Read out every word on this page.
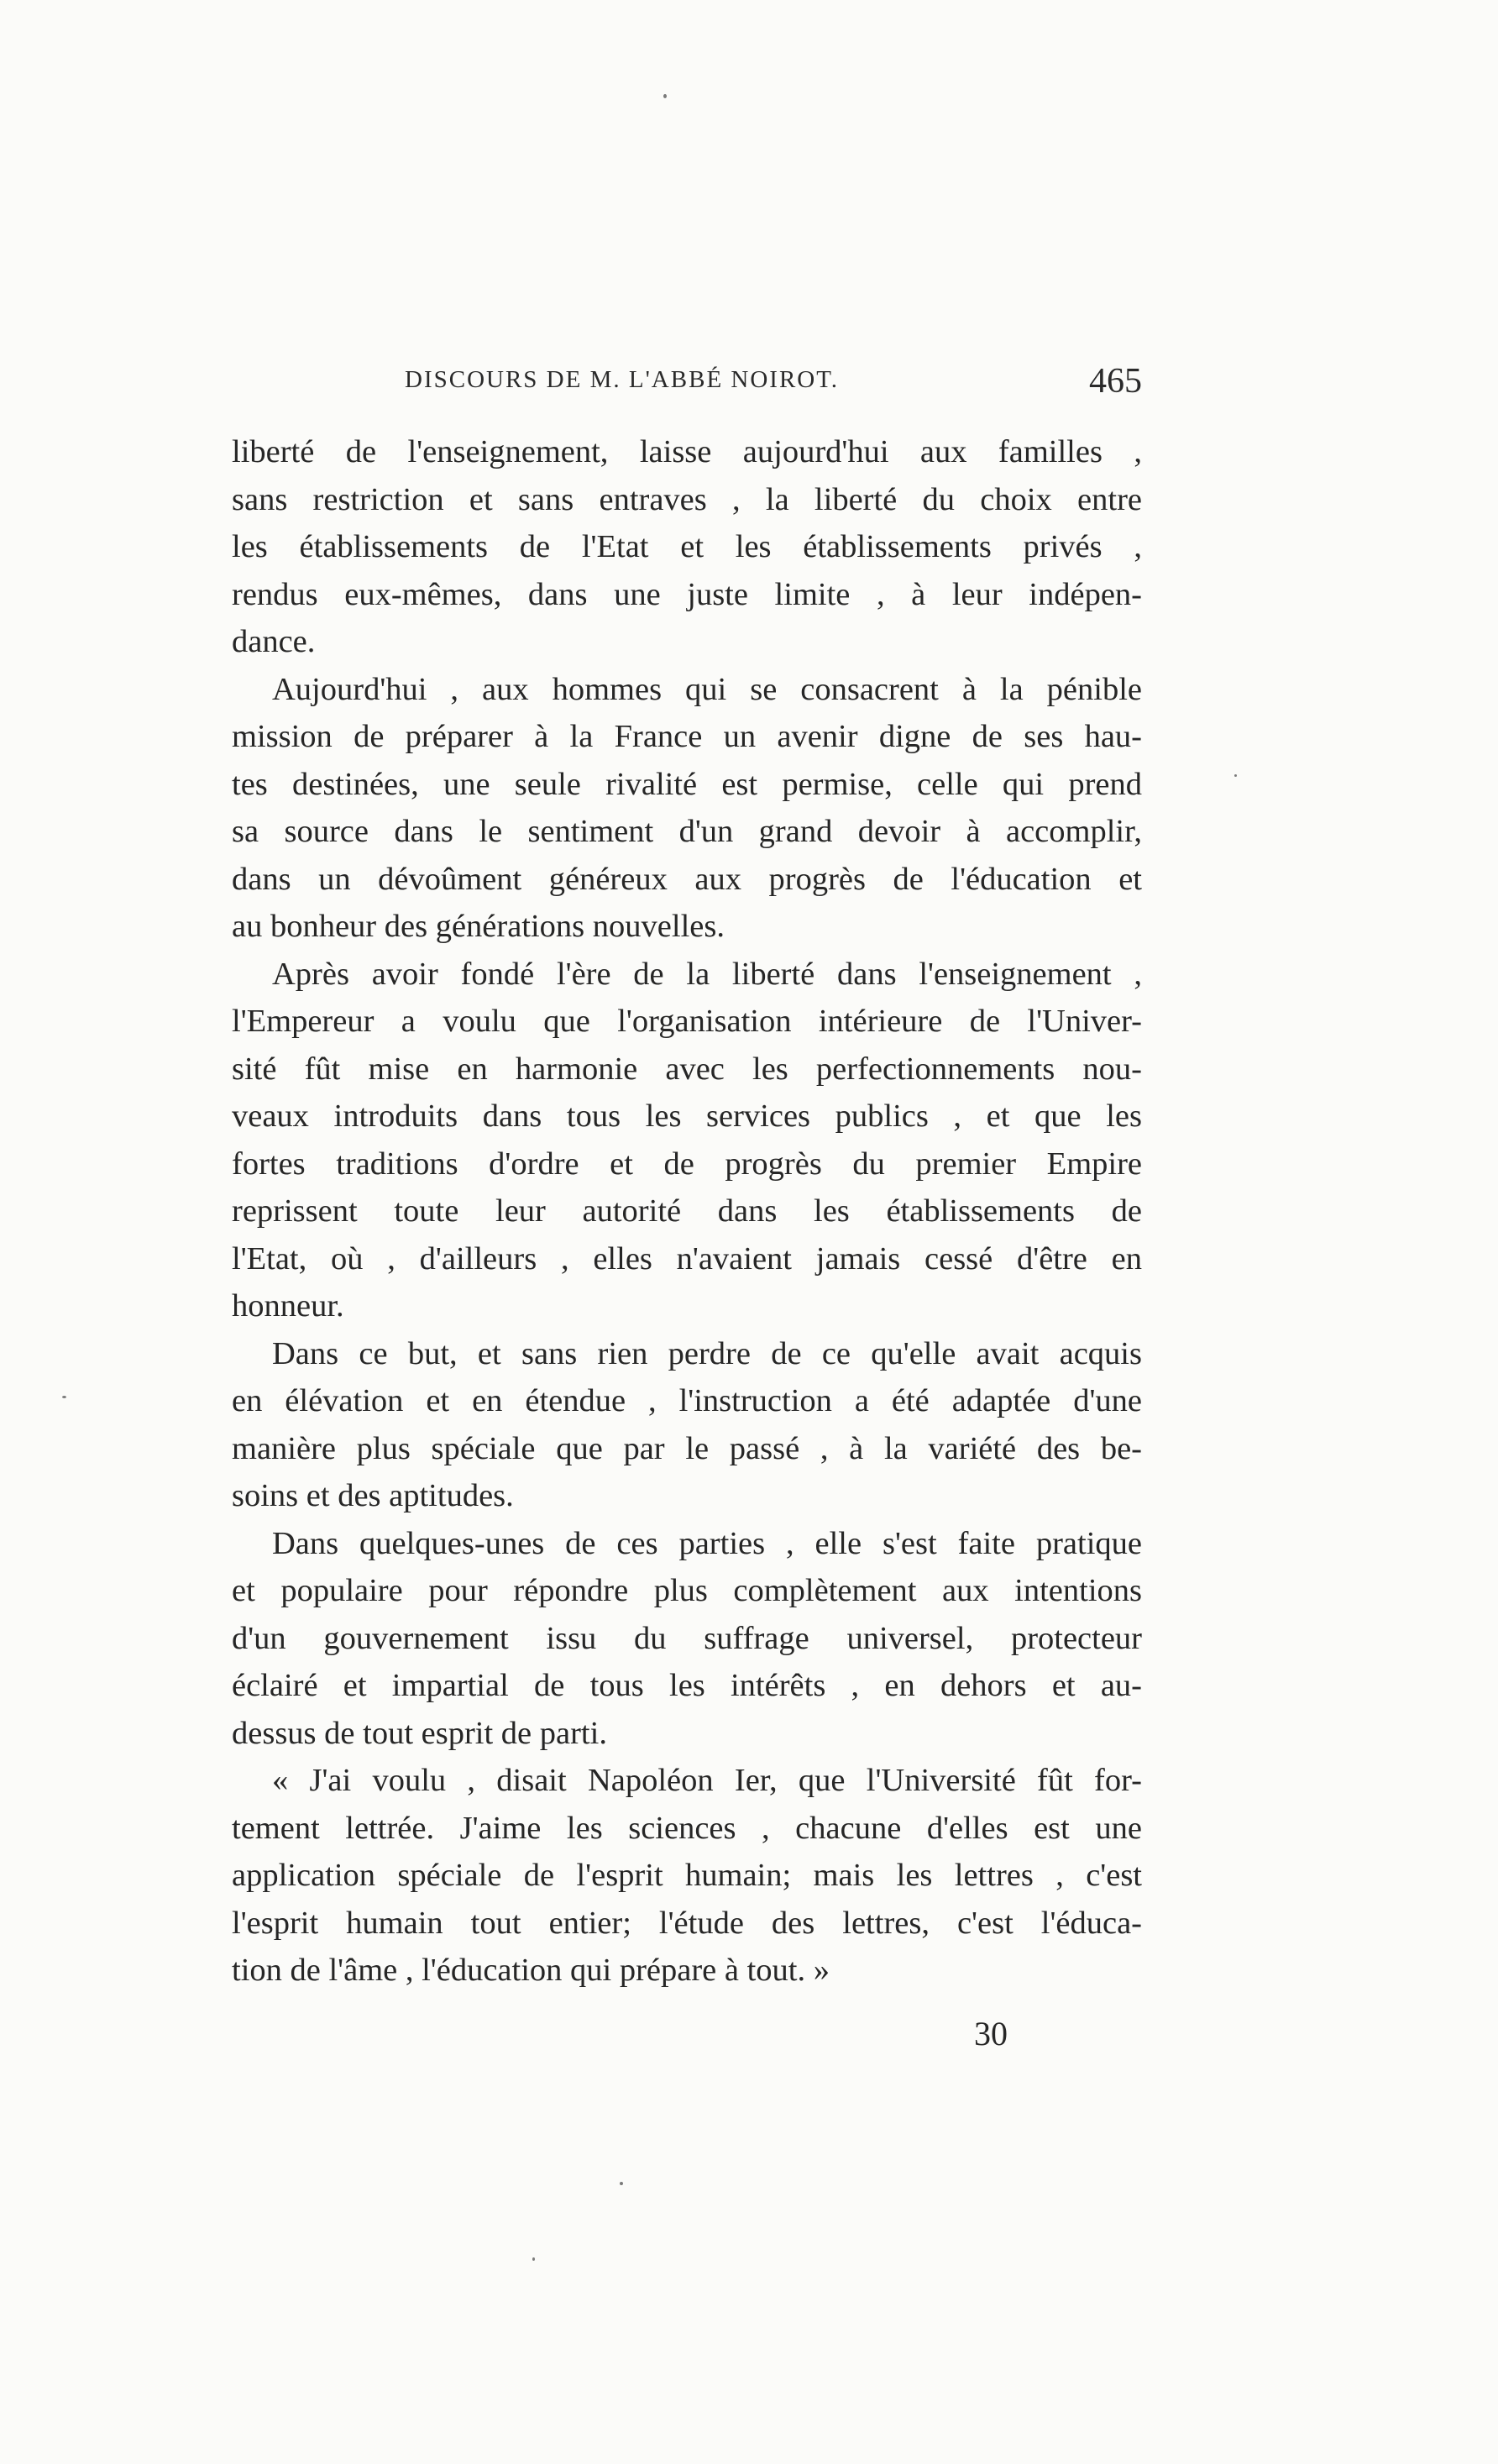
DISCOURS DE M. L'ABBÉ NOIROT.	465
liberté de l'enseignement, laisse aujourd'hui aux familles ,
sans restriction et sans entraves , la liberté du choix entre
les établissements de l'Etat et les établissements privés ,
rendus eux-mêmes, dans une juste limite , à leur indépen-
dance.
Aujourd'hui , aux hommes qui se consacrent à la pénible
mission de préparer à la France un avenir digne de ses hau-
tes destinées, une seule rivalité est permise, celle qui prend
sa source dans le sentiment d'un grand devoir à accomplir,
dans un dévoûment généreux aux progrès de l'éducation et
au bonheur des générations nouvelles.
Après avoir fondé l'ère de la liberté dans l'enseignement ,
l'Empereur a voulu que l'organisation intérieure de l'Univer-
sité fût mise en harmonie avec les perfectionnements nou-
veaux introduits dans tous les services publics , et que les
fortes traditions d'ordre et de progrès du premier Empire
reprissent toute leur autorité dans les établissements de
l'Etat, où , d'ailleurs , elles n'avaient jamais cessé d'être en
honneur.
Dans ce but, et sans rien perdre de ce qu'elle avait acquis
en élévation et en étendue , l'instruction a été adaptée d'une
manière plus spéciale que par le passé , à la variété des be-
soins et des aptitudes.
Dans quelques-unes de ces parties , elle s'est faite pratique
et populaire pour répondre plus complètement aux intentions
d'un gouvernement issu du suffrage universel, protecteur
éclairé et impartial de tous les intérêts , en dehors et au-
dessus de tout esprit de parti.
« J'ai voulu , disait Napoléon Ier, que l'Université fût for-
tement lettrée. J'aime les sciences , chacune d'elles est une
application spéciale de l'esprit humain; mais les lettres , c'est
l'esprit humain tout entier; l'étude des lettres, c'est l'éduca-
tion de l'âme , l'éducation qui prépare à tout. »
30
